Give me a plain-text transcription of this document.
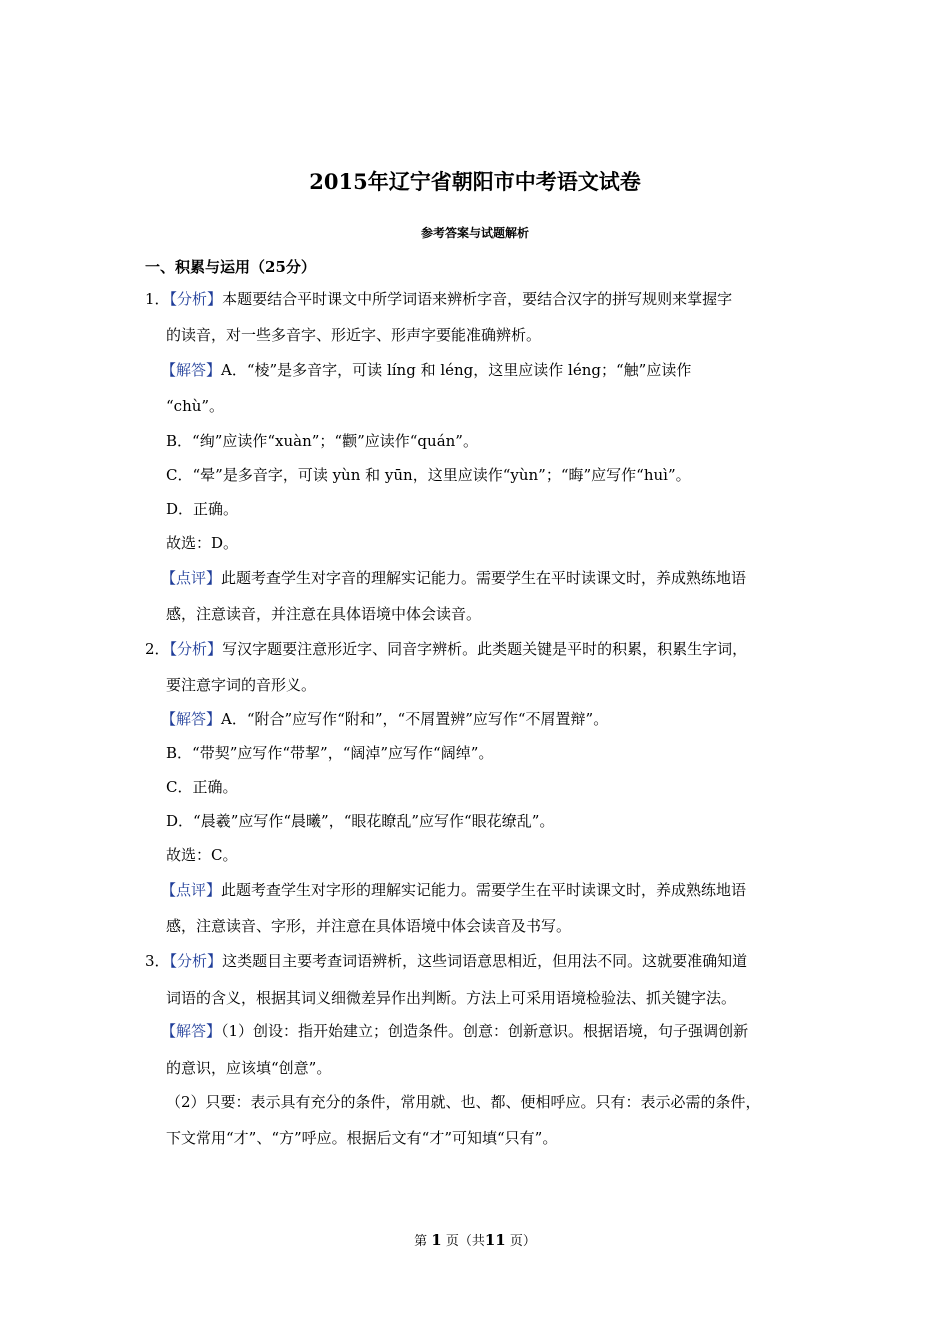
2015年辽宁省朝阳市中考语文试卷
参考答案与试题解析
一、积累与运用（25分）
1．【分析】本题要结合平时课文中所学词语来辨析字音，要结合汉字的拼写规则来掌握字
的读音，对一些多音字、形近字、形声字要能准确辨析。
【解答】A．“棱”是多音字，可读 líng 和 léng，这里应读作 léng；“触”应读作
“chù”。
B．“绚”应读作“xuàn”；“颧”应读作“quán”。
C．“晕”是多音字，可读 yùn 和 yūn，这里应读作“yùn”；“晦”应写作“huì”。
D．正确。
故选：D。
【点评】此题考查学生对字音的理解实记能力。需要学生在平时读课文时，养成熟练地语
感，注意读音，并注意在具体语境中体会读音。
2．【分析】写汉字题要注意形近字、同音字辨析。此类题关键是平时的积累，积累生字词，
要注意字词的音形义。
【解答】A．“附合”应写作“附和”，“不屑置辨”应写作“不屑置辩”。
B．“带契”应写作“带挈”，“阔淖”应写作“阔绰”。
C．正确。
D．“晨羲”应写作“晨曦”，“眼花瞭乱”应写作“眼花缭乱”。
故选：C。
【点评】此题考查学生对字形的理解实记能力。需要学生在平时读课文时，养成熟练地语
感，注意读音、字形，并注意在具体语境中体会读音及书写。
3．【分析】这类题目主要考查词语辨析，这些词语意思相近，但用法不同。这就要准确知道
词语的含义，根据其词义细微差异作出判断。方法上可采用语境检验法、抓关键字法。
【解答】（1）创设：指开始建立；创造条件。创意：创新意识。根据语境，句子强调创新
的意识，应该填“创意”。
（2）只要：表示具有充分的条件，常用就、也、都、便相呼应。只有：表示必需的条件，
下文常用“才”、“方”呼应。根据后文有“才”可知填“只有”。
第 1 页（共11 页）
